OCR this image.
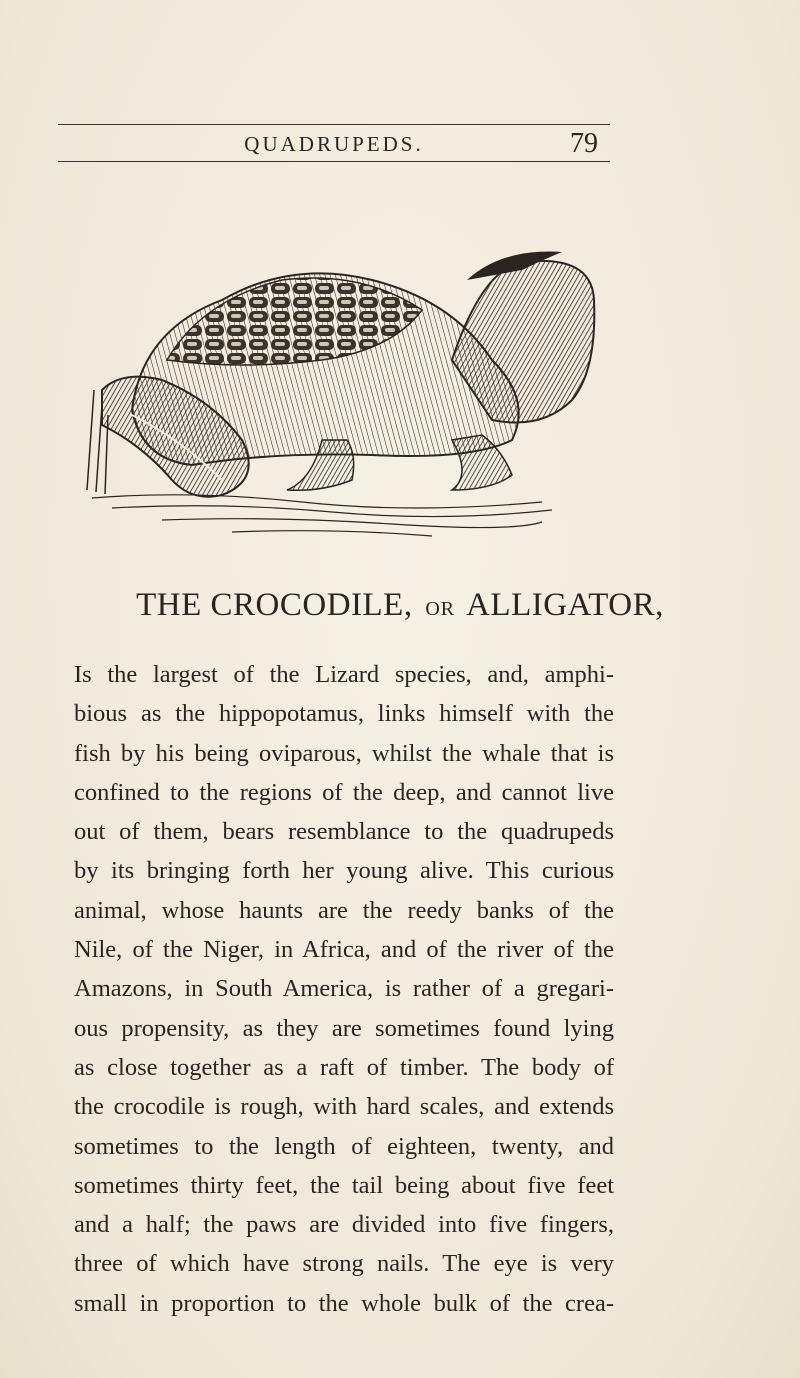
QUADRUPEDS.	79
THE CROCODILE, OR ALLIGATOR,
Is the largest of the Lizard species, and, amphi-
bious as the hippopotamus, links himself with the
fish by his being oviparous, whilst the whale that is
confined to the regions of the deep, and cannot live
out of them, bears resemblance to the quadrupeds
by its bringing forth her young alive. This curious
animal, whose haunts are the reedy banks of the
Nile, of the Niger, in Africa, and of the river of the
Amazons, in South America, is rather of a gregari-
ous propensity, as they are sometimes found lying
as close together as a raft of timber. The body of
the crocodile is rough, with hard scales, and extends
sometimes to the length of eighteen, twenty, and
sometimes thirty feet, the tail being about five feet
and a half; the paws are divided into five fingers,
three of which have strong nails. The eye is very
small in proportion to the whole bulk of the crea-
